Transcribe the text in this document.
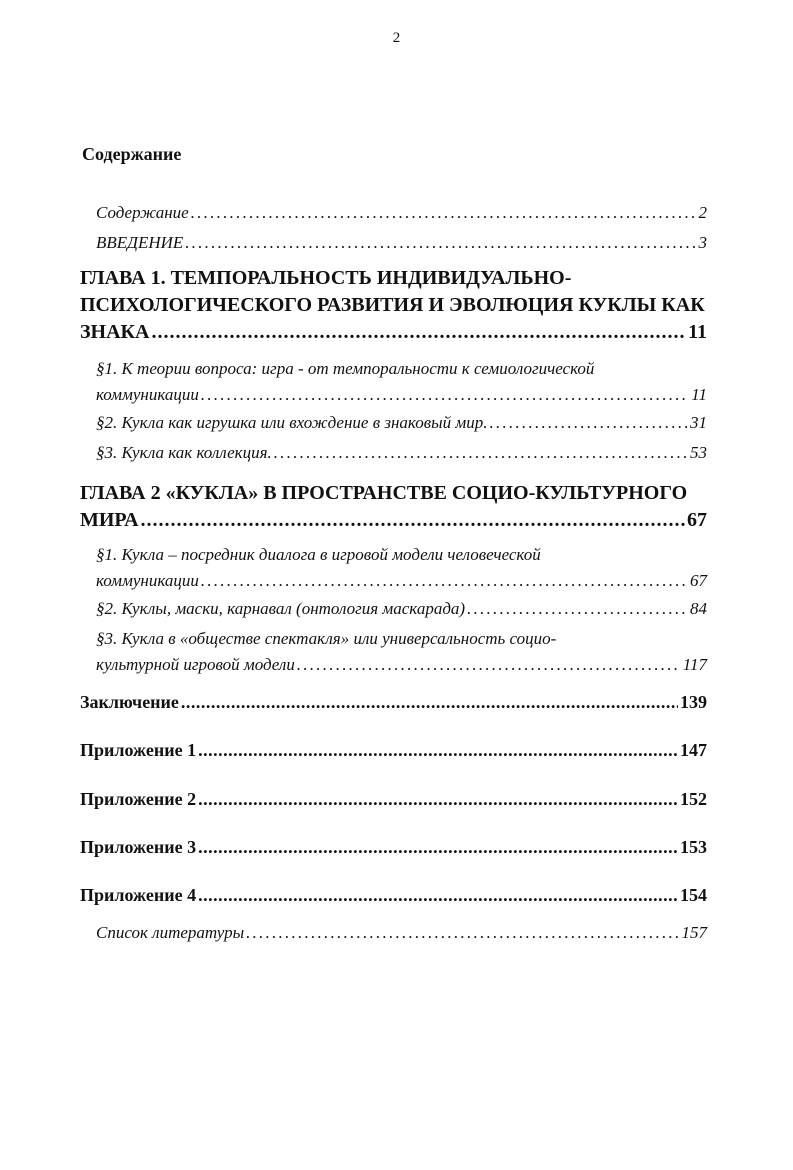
2
Содержание
Содержание . . .	2
ВВЕДЕНИЕ . . .	3
ГЛАВА 1. ТЕМПОРАЛЬНОСТЬ ИНДИВИДУАЛЬНО-
ПСИХОЛОГИЧЕСКОГО РАЗВИТИЯ И ЭВОЛЮЦИЯ КУКЛЫ КАК
ЗНАКА . . .	11
§1. К теории вопроса: игра - от темпоральности к семиологической
коммуникации . . .	11
§2. Кукла как игрушка или вхождение в знаковый мир. . . .	31
§3. Кукла как коллекция. . . .	53
ГЛАВА 2 «КУКЛА» В ПРОСТРАНСТВЕ СОЦИО-КУЛЬТУРНОГО
МИРА . . .	67
§1. Кукла – посредник диалога в игровой модели человеческой
коммуникации . . .	67
§2. Куклы, маски, карнавал (онтология маскарада) . . .	84
§3. Кукла в «обществе спектакля» или универсальность социо-
культурной игровой модели . . .	117
Заключение . . .	139
Приложение 1 . . .	147
Приложение 2 . . .	152
Приложение 3 . . .	153
Приложение 4 . . .	154
Список литературы . . .	157
